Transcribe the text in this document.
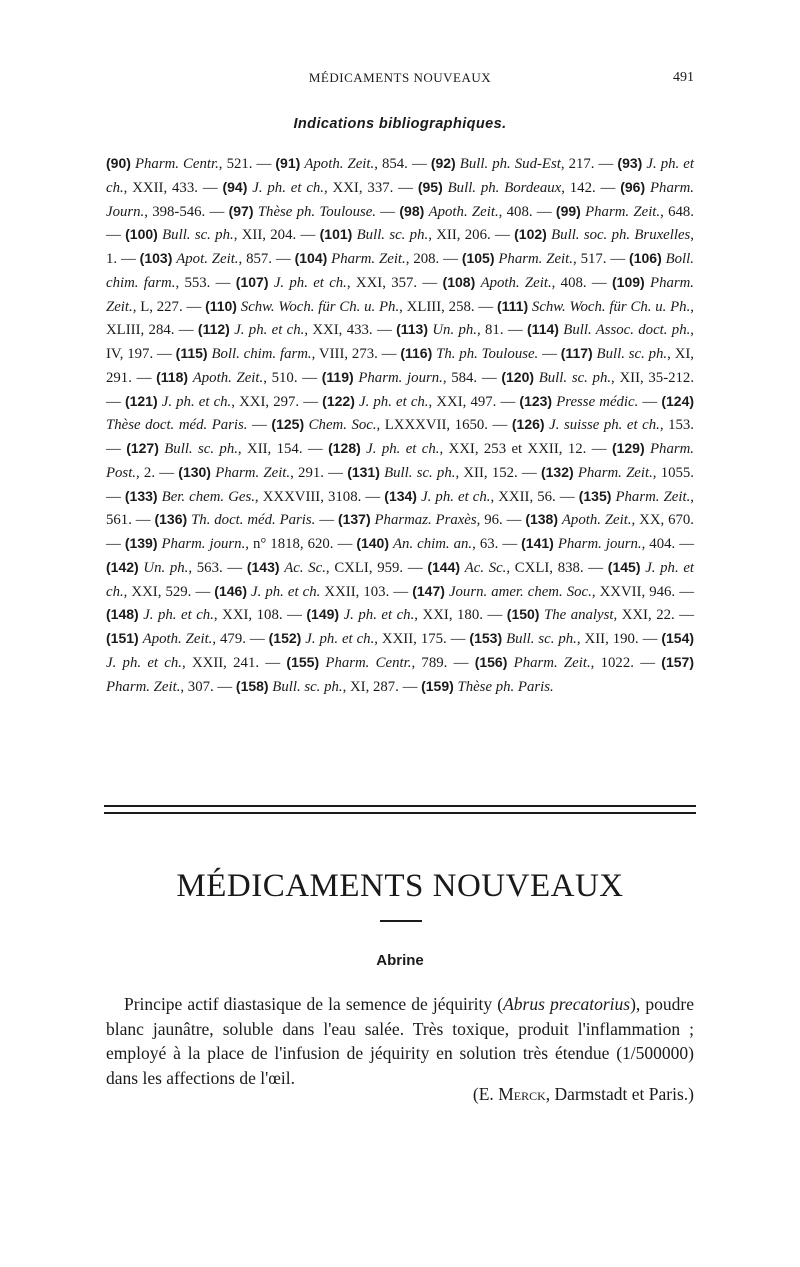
MÉDICAMENTS NOUVEAUX	491
Indications bibliographiques.
(90) Pharm. Centr., 521. — (91) Apoth. Zeit., 854. — (92) Bull. ph. Sud-Est, 217. — (93) J. ph. et ch., XXII, 433. — (94) J. ph. et ch., XXI, 337. — (95) Bull. ph. Bordeaux, 142. — (96) Pharm. Journ., 398-546. — (97) Thèse ph. Toulouse. — (98) Apoth. Zeit., 408. — (99) Pharm. Zeit., 648. — (100) Bull. sc. ph., XII, 204. — (101) Bull. sc. ph., XII, 206. — (102) Bull. soc. ph. Bruxelles, 1. — (103) Apot. Zeit., 857. — (104) Pharm. Zeit., 208. — (105) Pharm. Zeit., 517. — (106) Boll. chim. farm., 553. — (107) J. ph. et ch., XXI, 357. — (108) Apoth. Zeit., 408. — (109) Pharm. Zeit., L, 227. — (110) Schw. Woch. für Ch. u. Ph., XLIII, 258. — (111) Schw. Woch. für Ch. u. Ph., XLIII, 284. — (112) J. ph. et ch., XXI, 433. — (113) Un. ph., 81. — (114) Bull. Assoc. doct. ph., IV, 197. — (115) Boll. chim. farm., VIII, 273. — (116) Th. ph. Toulouse. — (117) Bull. sc. ph., XI, 291. — (118) Apoth. Zeit., 510. — (119) Pharm. journ., 584. — (120) Bull. sc. ph., XII, 35-212. — (121) J. ph. et ch., XXI, 297. — (122) J. ph. et ch., XXI, 497. — (123) Presse médic. — (124) Thèse doct. méd. Paris. — (125) Chem. Soc., LXXXVII, 1650. — (126) J. suisse ph. et ch., 153. — (127) Bull. sc. ph., XII, 154. — (128) J. ph. et ch., XXI, 253 et XXII, 12. — (129) Pharm. Post., 2. — (130) Pharm. Zeit., 291. — (131) Bull. sc. ph., XII, 152. — (132) Pharm. Zeit., 1055. — (133) Ber. chem. Ges., XXXVIII, 3108. — (134) J. ph. et ch., XXII, 56. — (135) Pharm. Zeit., 561. — (136) Th. doct. méd. Paris. — (137) Pharmaz. Praxès, 96. — (138) Apoth. Zeit., XX, 670. — (139) Pharm. journ., n° 1818, 620. — (140) An. chim. an., 63. — (141) Pharm. journ., 404. — (142) Un. ph., 563. — (143) Ac. Sc., CXLI, 959. — (144) Ac. Sc., CXLI, 838. — (145) J. ph. et ch., XXI, 529. — (146) J. ph. et ch. XXII, 103. — (147) Journ. amer. chem. Soc., XXVII, 946. — (148) J. ph. et ch., XXI, 108. — (149) J. ph. et ch., XXI, 180. — (150) The analyst, XXI, 22. — (151) Apoth. Zeit., 479. — (152) J. ph. et ch., XXII, 175. — (153) Bull. sc. ph., XII, 190. — (154) J. ph. et ch., XXII, 241. — (155) Pharm. Centr., 789. — (156) Pharm. Zeit., 1022. — (157) Pharm. Zeit., 307. — (158) Bull. sc. ph., XI, 287. — (159) Thèse ph. Paris.
MÉDICAMENTS NOUVEAUX
Abrine
Principe actif diastasique de la semence de jéquirity (Abrus precatorius), poudre blanc jaunâtre, soluble dans l'eau salée. Très toxique, produit l'inflammation ; employé à la place de l'infusion de jéquirity en solution très étendue (1/500000) dans les affections de l'œil.
(E. Merck, Darmstadt et Paris.)
